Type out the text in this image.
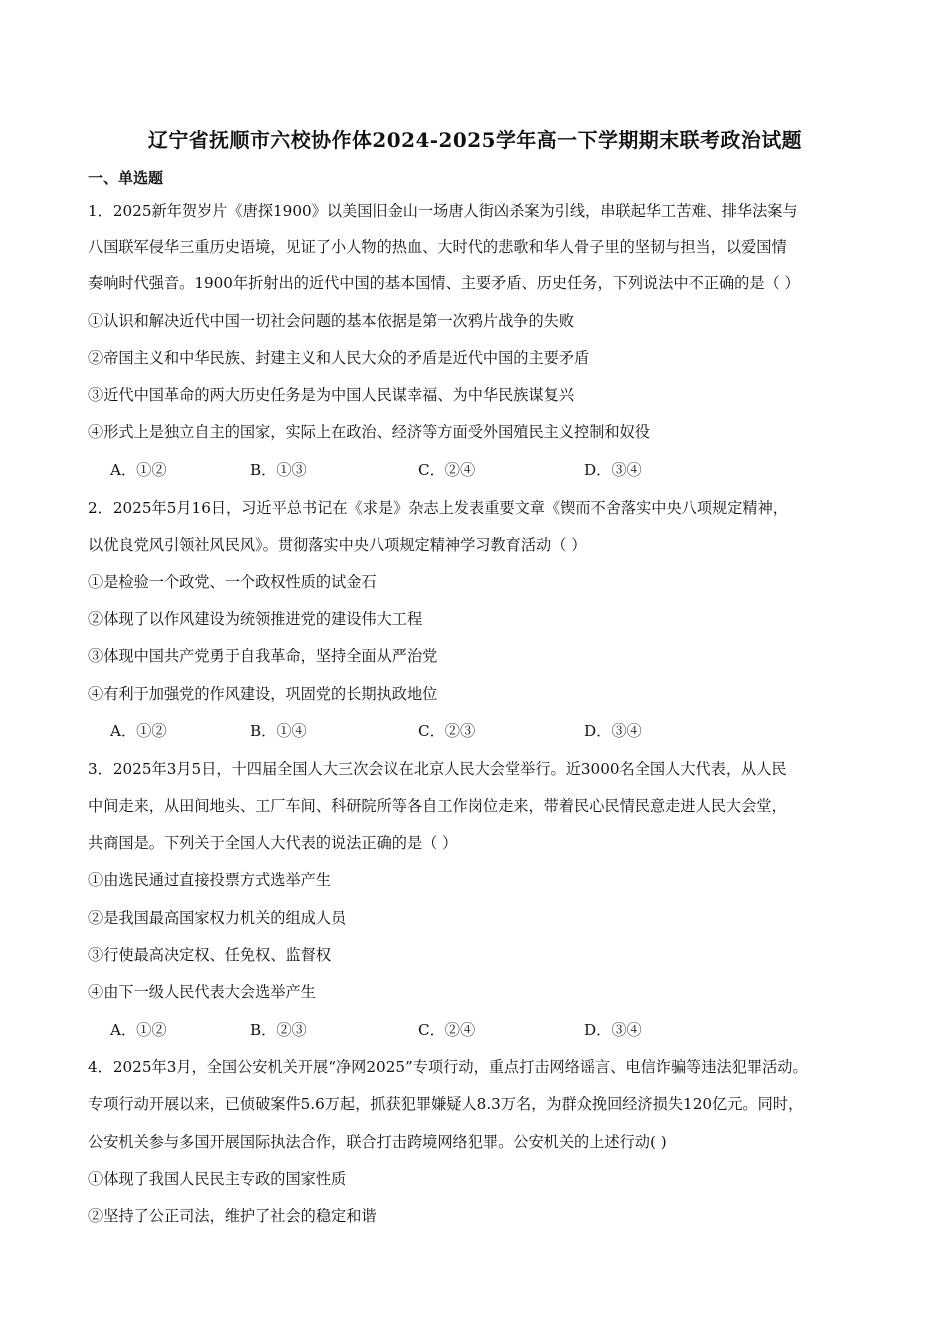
辽宁省抚顺市六校协作体2024-2025学年高一下学期期末联考政治试题
一、单选题
1．2025新年贺岁片《唐探1900》以美国旧金山一场唐人街凶杀案为引线，串联起华工苦难、排华法案与
八国联军侵华三重历史语境，见证了小人物的热血、大时代的悲歌和华人骨子里的坚韧与担当，以爱国情
奏响时代强音。1900年折射出的近代中国的基本国情、主要矛盾、历史任务，下列说法中不正确的是（ ）
①认识和解决近代中国一切社会问题的基本依据是第一次鸦片战争的失败
②帝国主义和中华民族、封建主义和人民大众的矛盾是近代中国的主要矛盾
③近代中国革命的两大历史任务是为中国人民谋幸福、为中华民族谋复兴
④形式上是独立自主的国家，实际上在政治、经济等方面受外国殖民主义控制和奴役
A．①②	B．①③	C．②④	D．③④
2．2025年5月16日，习近平总书记在《求是》杂志上发表重要文章《锲而不舍落实中央八项规定精神，
以优良党风引领社风民风》。贯彻落实中央八项规定精神学习教育活动（ ）
①是检验一个政党、一个政权性质的试金石
②体现了以作风建设为统领推进党的建设伟大工程
③体现中国共产党勇于自我革命，坚持全面从严治党
④有利于加强党的作风建设，巩固党的长期执政地位
A．①②	B．①④	C．②③	D．③④
3．2025年3月5日，十四届全国人大三次会议在北京人民大会堂举行。近3000名全国人大代表，从人民
中间走来，从田间地头、工厂车间、科研院所等各自工作岗位走来，带着民心民情民意走进人民大会堂，
共商国是。下列关于全国人大代表的说法正确的是（ ）
①由选民通过直接投票方式选举产生
②是我国最高国家权力机关的组成人员
③行使最高决定权、任免权、监督权
④由下一级人民代表大会选举产生
A．①②	B．②③	C．②④	D．③④
4．2025年3月，全国公安机关开展“净网2025”专项行动，重点打击网络谣言、电信诈骗等违法犯罪活动。
专项行动开展以来，已侦破案件5.6万起，抓获犯罪嫌疑人8.3万名，为群众挽回经济损失120亿元。同时，
公安机关参与多国开展国际执法合作，联合打击跨境网络犯罪。公安机关的上述行动( )
①体现了我国人民民主专政的国家性质
②坚持了公正司法，维护了社会的稳定和谐
